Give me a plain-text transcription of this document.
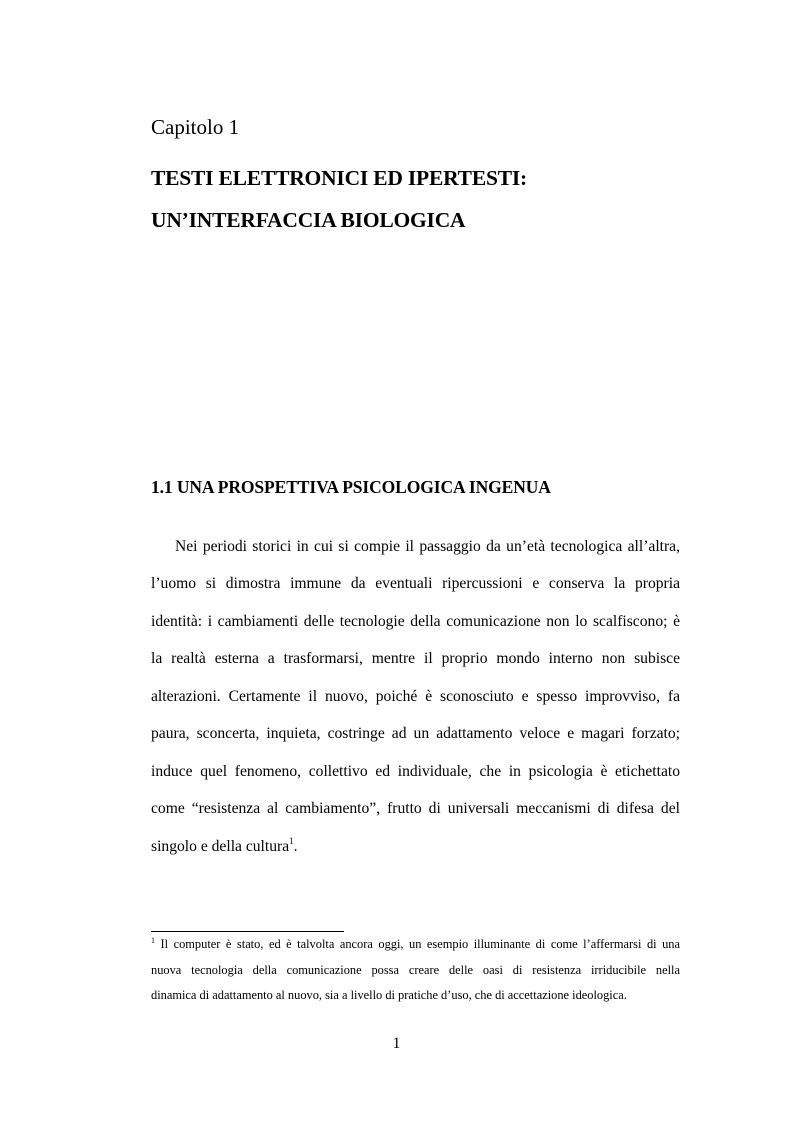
Capitolo 1
TESTI ELETTRONICI ED IPERTESTI:
UN’INTERFACCIA BIOLOGICA
1.1 UNA PROSPETTIVA PSICOLOGICA INGENUA
Nei periodi storici in cui si compie il passaggio da un’età tecnologica all’altra,
l’uomo si dimostra immune da eventuali ripercussioni e conserva la propria
identità: i cambiamenti delle tecnologie della comunicazione non lo scalfiscono; è
la realtà esterna a trasformarsi, mentre il proprio mondo interno non subisce
alterazioni. Certamente il nuovo, poiché è sconosciuto e spesso improvviso, fa
paura, sconcerta, inquieta, costringe ad un adattamento veloce e magari forzato;
induce quel fenomeno, collettivo ed individuale, che in psicologia è etichettato
come “resistenza al cambiamento”, frutto di universali meccanismi di difesa del
singolo e della cultura$^1$.
$^1$ Il computer è stato, ed è talvolta ancora oggi, un esempio illuminante di come l’affermarsi di una
nuova tecnologia della comunicazione possa creare delle oasi di resistenza irriducibile nella
dinamica di adattamento al nuovo, sia a livello di pratiche d’uso, che di accettazione ideologica.
1
